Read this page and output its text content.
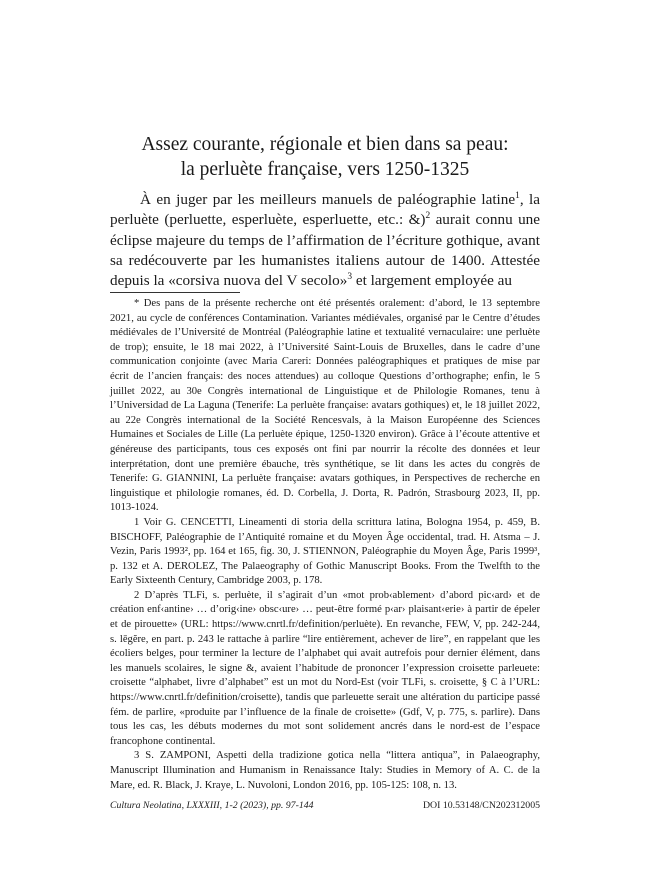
Assez courante, régionale et bien dans sa peau:
la perluète française, vers 1250-1325

À en juger par les meilleurs manuels de paléographie latine$^1$, la perluète (perluette, esperluète, esperluette, etc.: &)$^2$ aurait connu une éclipse majeure du temps de l’affirmation de l’écriture gothique, avant sa redécouverte par les humanistes italiens autour de 1400. Attestée depuis la «corsiva nuova del V secolo»$^3$ et largement employée au

* Des pans de la présente recherche ont été présentés oralement: d’abord, le 13 septembre 2021, au cycle de conférences Contamination. Variantes médiévales, organisé par le Centre d’études médiévales de l’Université de Montréal (Paléographie latine et textualité vernaculaire: une perluète de trop); ensuite, le 18 mai 2022, à l’Université Saint-Louis de Bruxelles, dans le cadre d’une communication conjointe (avec Maria Careri: Données paléographiques et pratiques de mise par écrit de l’ancien français: des noces attendues) au colloque Questions d’orthographe; enfin, le 5 juillet 2022, au 30e Congrès international de Linguistique et de Philologie Romanes, tenu à l’Universidad de La Laguna (Tenerife: La perluète française: avatars gothiques) et, le 18 juillet 2022, au 22e Congrès international de la Société Rencesvals, à la Maison Européenne des Sciences Humaines et Sociales de Lille (La perluète épique, 1250-1320 environ). Grâce à l’écoute attentive et généreuse des participants, tous ces exposés ont fini par nourrir la récolte des données et leur interprétation, dont une première ébauche, très synthétique, se lit dans les actes du congrès de Tenerife: G. GIANNINI, La perluète française: avatars gothiques, in Perspectives de recherche en linguistique et philologie romanes, éd. D. Corbella, J. Dorta, R. Padrón, Strasbourg 2023, II, pp. 1013-1024.

1 Voir G. CENCETTI, Lineamenti di storia della scrittura latina, Bologna 1954, p. 459, B. BISCHOFF, Paléographie de l’Antiquité romaine et du Moyen Âge occidental, trad. H. Atsma – J. Vezin, Paris 1993², pp. 164 et 165, fig. 30, J. STIENNON, Paléographie du Moyen Âge, Paris 1999³, p. 132 et A. DEROLEZ, The Palaeography of Gothic Manuscript Books. From the Twelfth to the Early Sixteenth Century, Cambridge 2003, p. 178.

2 D’après TLFi, s. perluète, il s’agirait d’un «mot prob‹ablement› d’abord pic‹ard› et de création enf‹antine› … d’orig‹ine› obsc‹ure› … peut-être formé p‹ar› plaisant‹erie› à partir de épeler et de pirouette» (URL: https://www.cnrtl.fr/definition/perluète). En revanche, FEW, V, pp. 242-244, s. lēgĕre, en part. p. 243 le rattache à parlire “lire entièrement, achever de lire”, en rappelant que les écoliers belges, pour terminer la lecture de l’alphabet qui avait autrefois pour dernier élément, dans les manuels scolaires, le signe &, avaient l’habitude de prononcer l’expression croisette parleuete: croisette “alphabet, livre d’alphabet” est un mot du Nord-Est (voir TLFi, s. croisette, § C à l’URL: https://www.cnrtl.fr/definition/croisette), tandis que parleuette serait une altération du participe passé fém. de parlire, «produite par l’influence de la finale de croisette» (Gdf, V, p. 775, s. parlire). Dans tous les cas, les débuts modernes du mot sont solidement ancrés dans le nord-est de l’espace francophone continental.

3 S. ZAMPONI, Aspetti della tradizione gotica nella “littera antiqua”, in Palaeography, Manuscript Illumination and Humanism in Renaissance Italy: Studies in Memory of A. C. de la Mare, ed. R. Black, J. Kraye, L. Nuvoloni, London 2016, pp. 105-125: 108, n. 13.

Cultura Neolatina, LXXXIII, 1-2 (2023), pp. 97-144	DOI 10.53148/CN202312005
